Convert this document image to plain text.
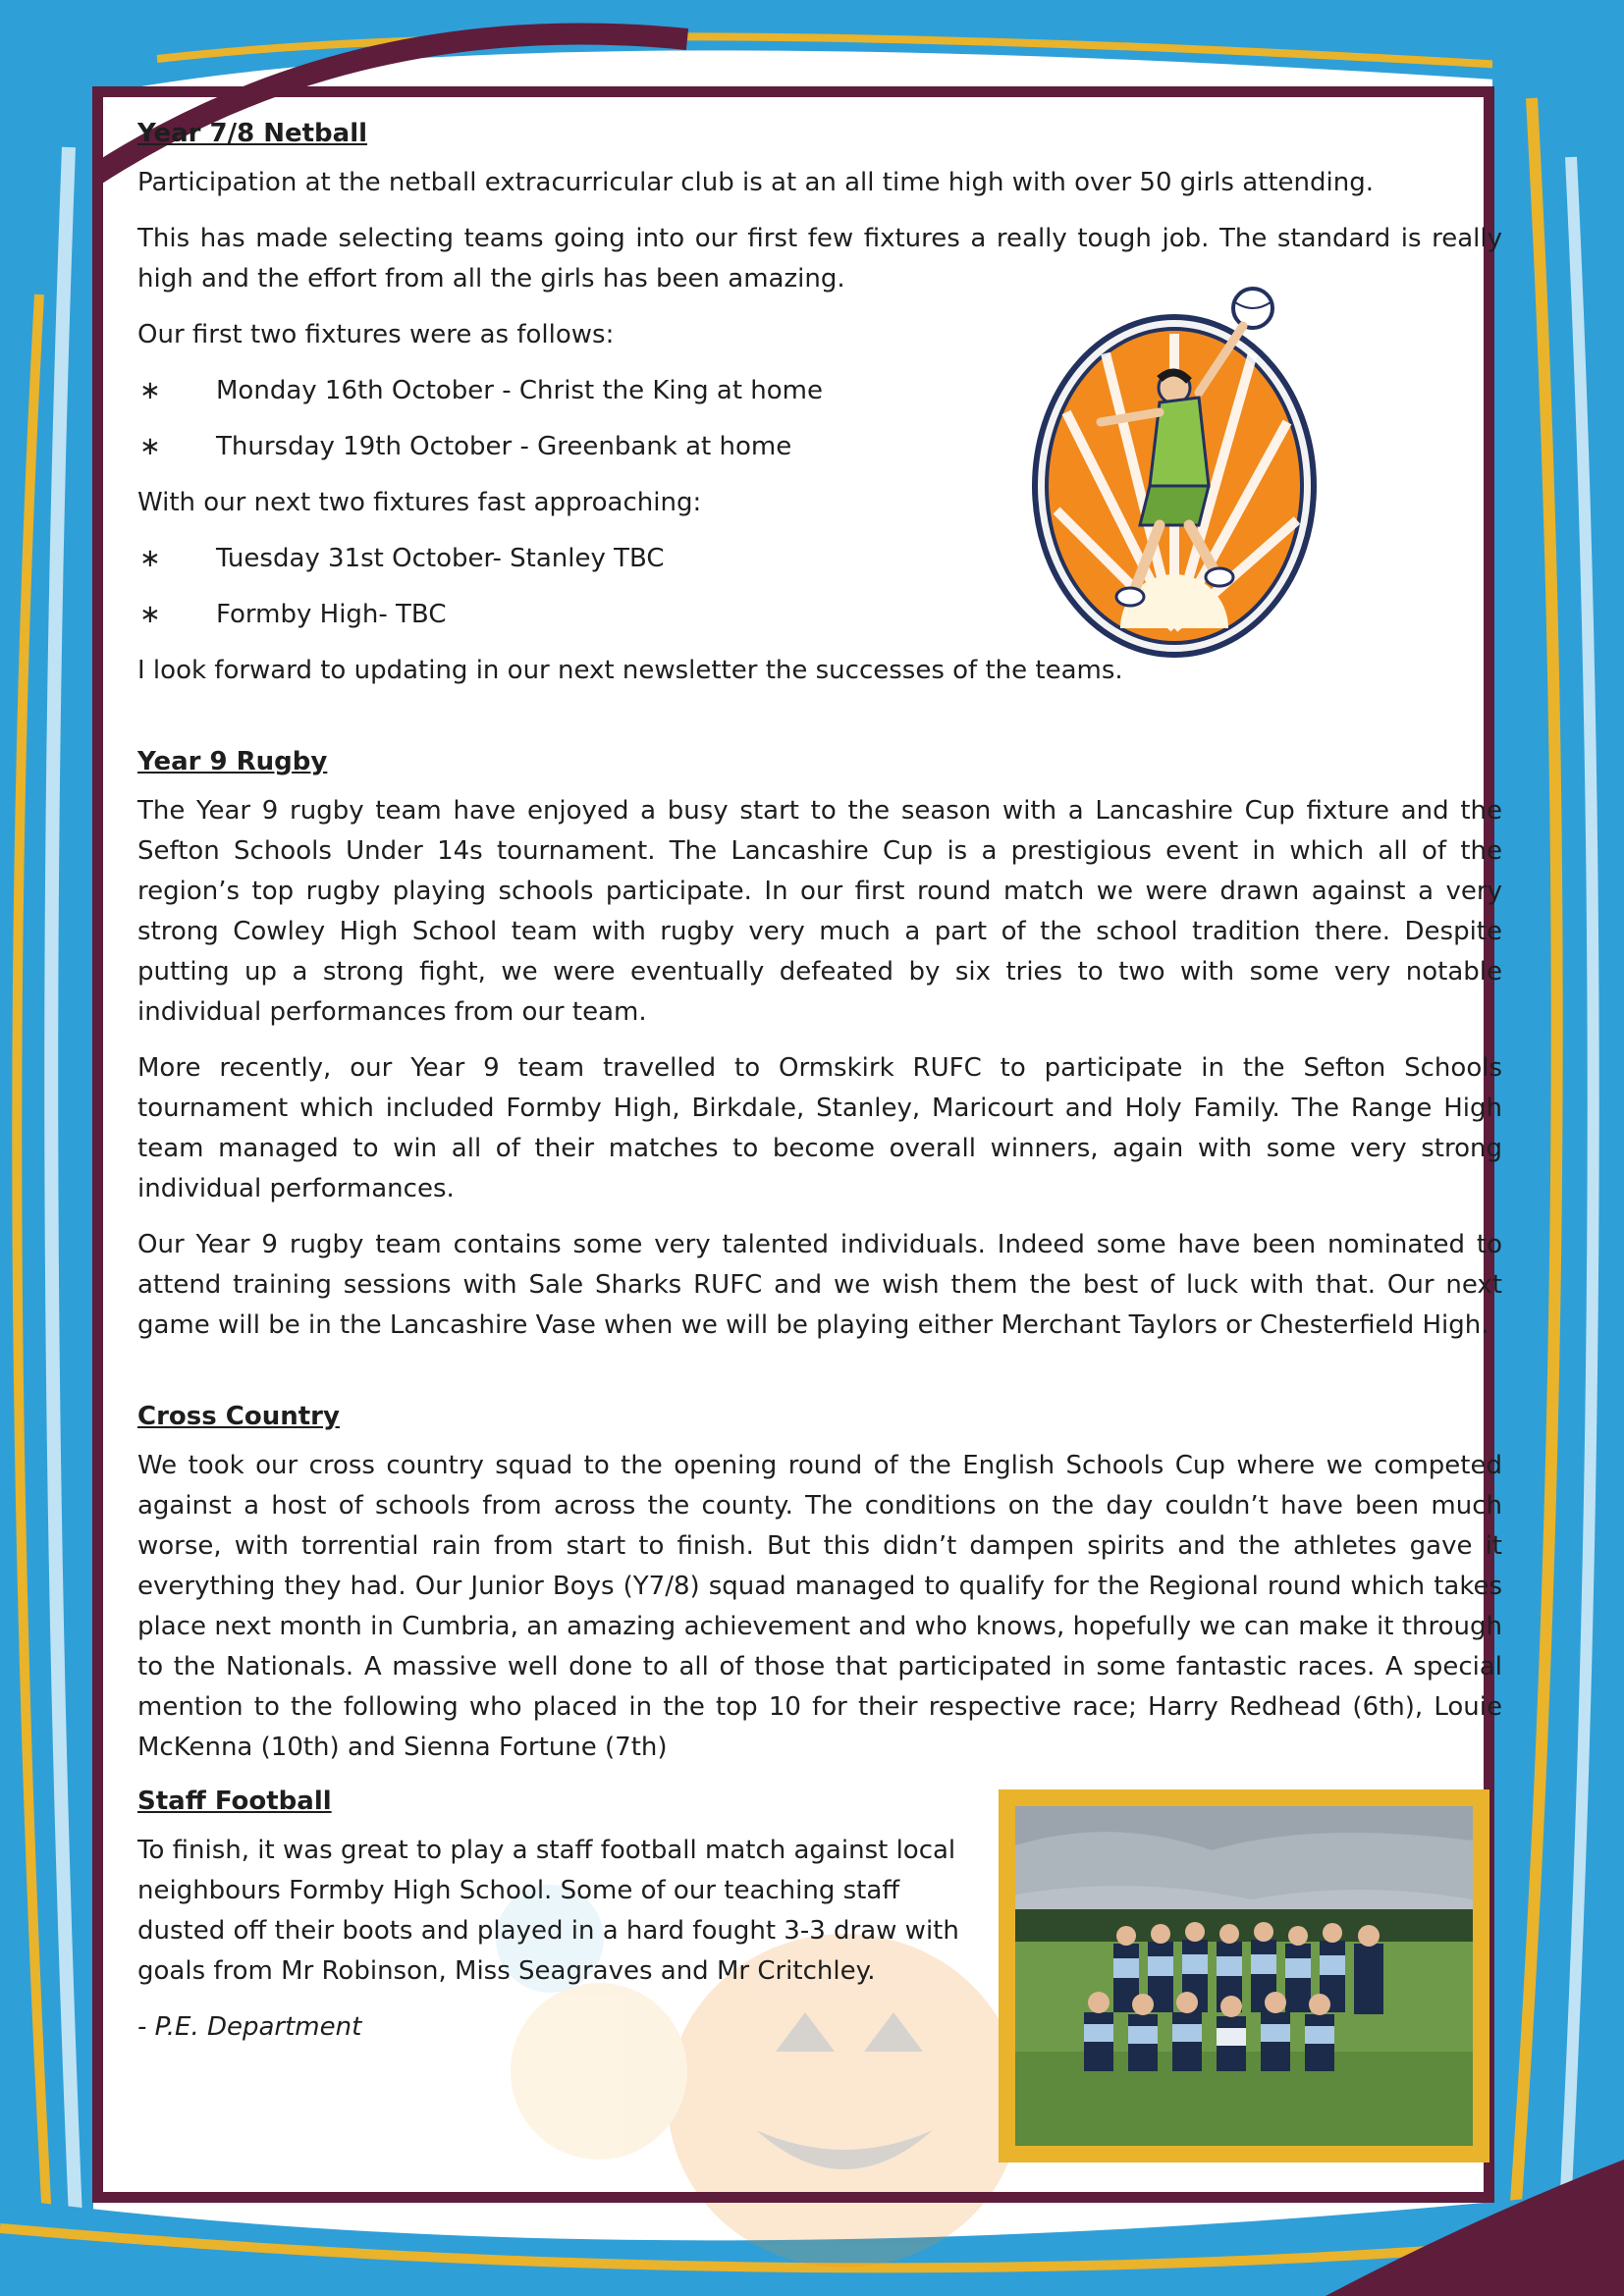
Year 7/8 Netball

Participation at the netball extracurricular club is at an all time high with over 50 girls attending.

This has made selecting teams going into our first few fixtures a really tough job. The standard is really high and the effort from all the girls has been amazing.

Our first two fixtures were as follows:

∗	Monday 16th October - Christ the King at home
∗	Thursday 19th October - Greenbank at home

With our next two fixtures fast approaching:

∗	Tuesday 31st October- Stanley TBC
∗	Formby High- TBC

I look forward to updating in our next newsletter the successes of the teams.

Year 9 Rugby

The Year 9 rugby team have enjoyed a busy start to the season with a Lancashire Cup fixture and the Sefton Schools Under 14s tournament. The Lancashire Cup is a prestigious event in which all of the region’s top rugby playing schools participate. In our first round match we were drawn against a very strong Cowley High School team with rugby very much a part of the school tradition there. Despite putting up a strong fight, we were eventually defeated by six tries to two with some very notable individual performances from our team.

More recently, our Year 9 team travelled to Ormskirk RUFC to participate in the Sefton Schools tournament which included Formby High, Birkdale, Stanley, Maricourt and Holy Family. The Range High team managed to win all of their matches to become overall winners, again with some very strong individual performances.

Our Year 9 rugby team contains some very talented individuals. Indeed some have been nominated to attend training sessions with Sale Sharks RUFC and we wish them the best of luck with that. Our next game will be in the Lancashire Vase when we will be playing either Merchant Taylors or Chesterfield High.

Cross Country

We took our cross country squad to the opening round of the English Schools Cup where we competed against a host of schools from across the county. The conditions on the day couldn’t have been much worse, with torrential rain from start to finish. But this didn’t dampen spirits and the athletes gave it everything they had. Our Junior Boys (Y7/8) squad managed to qualify for the Regional round which takes place next month in Cumbria, an amazing achievement and who knows, hopefully we can make it through to the Nationals. A massive well done to all of those that participated in some fantastic races. A special mention to the following who placed in the top 10 for their respective race; Harry Redhead (6th), Louie McKenna (10th) and Sienna Fortune (7th)

Staff Football

To finish, it was great to play a staff football match against local neighbours Formby High School. Some of our teaching staff dusted off their boots and played in a hard fought 3-3 draw with goals from Mr Robinson, Miss Seagraves and Mr Critchley.

- P.E. Department
